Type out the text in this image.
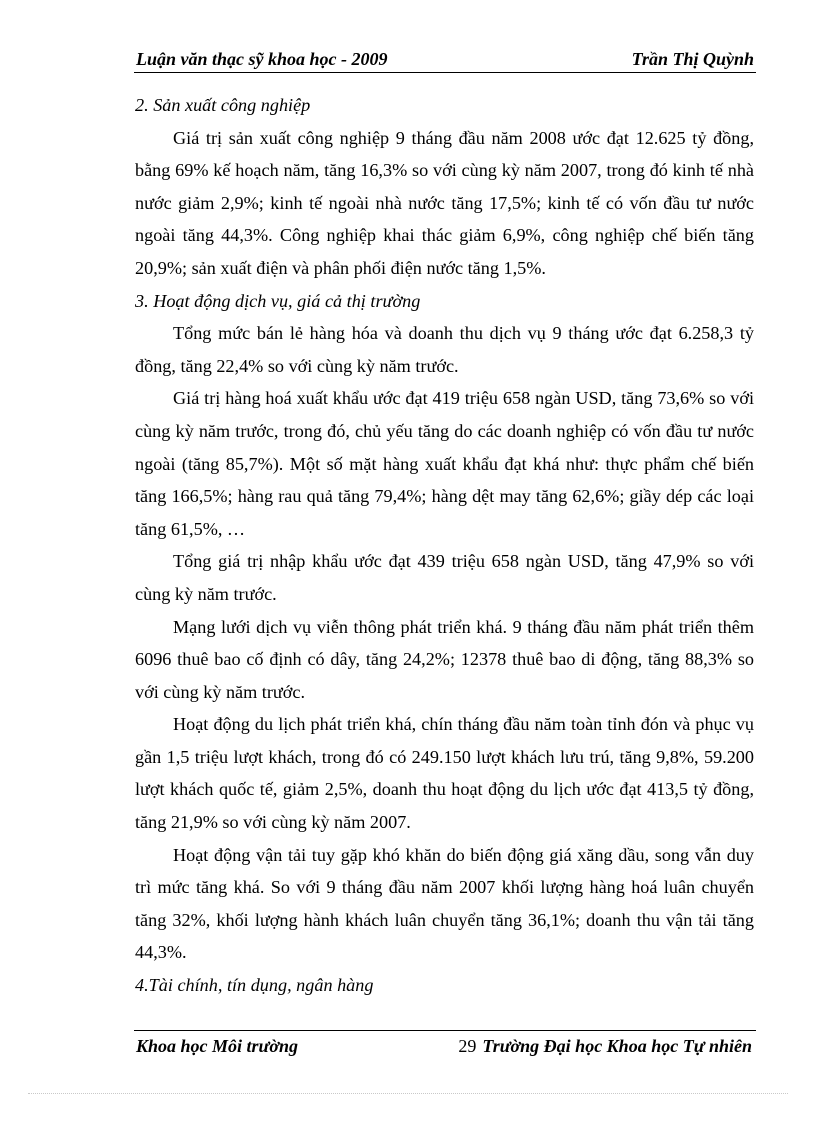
Luận văn thạc sỹ khoa học - 2009	Trần Thị Quỳnh

2. Sản xuất công nghiệp

Giá trị sản xuất công nghiệp 9 tháng đầu năm 2008 ước đạt 12.625 tỷ đồng, bằng 69% kế hoạch năm, tăng 16,3% so với cùng kỳ năm 2007, trong đó kinh tế nhà nước giảm 2,9%; kinh tế ngoài nhà nước tăng 17,5%; kinh tế có vốn đầu tư nước ngoài tăng 44,3%. Công nghiệp khai thác giảm 6,9%, công nghiệp chế biến tăng 20,9%; sản xuất điện và phân phối điện nước tăng 1,5%.

3. Hoạt động dịch vụ, giá cả thị trường

Tổng mức bán lẻ hàng hóa và doanh thu dịch vụ 9 tháng ước đạt 6.258,3 tỷ đồng, tăng 22,4% so với cùng kỳ năm trước.

Giá trị hàng hoá xuất khẩu ước đạt 419 triệu 658 ngàn USD, tăng 73,6% so với cùng kỳ năm trước, trong đó, chủ yếu tăng do các doanh nghiệp có vốn đầu tư nước ngoài (tăng 85,7%). Một số mặt hàng xuất khẩu đạt khá như: thực phẩm chế biến tăng 166,5%; hàng rau quả tăng 79,4%; hàng dệt may tăng 62,6%; giầy dép các loại tăng 61,5%, …

Tổng giá trị nhập khẩu ước đạt 439 triệu 658 ngàn USD, tăng 47,9% so với cùng kỳ năm trước.

Mạng lưới dịch vụ viễn thông phát triển khá. 9 tháng đầu năm phát triển thêm 6096 thuê bao cố định có dây, tăng 24,2%; 12378 thuê bao di động, tăng 88,3% so với cùng kỳ năm trước.

Hoạt động du lịch phát triển khá, chín tháng đầu năm toàn tỉnh đón và phục vụ gần 1,5 triệu lượt khách, trong đó có 249.150 lượt khách lưu trú, tăng 9,8%, 59.200 lượt khách quốc tế, giảm 2,5%, doanh thu hoạt động du lịch ước đạt 413,5 tỷ đồng, tăng 21,9% so với cùng kỳ năm 2007.

Hoạt động vận tải tuy gặp khó khăn do biến động giá xăng dầu, song vẫn duy trì mức tăng khá. So với 9 tháng đầu năm 2007 khối lượng hàng hoá luân chuyển tăng 32%, khối lượng hành khách luân chuyển tăng 36,1%; doanh thu vận tải tăng 44,3%.

4.Tài chính, tín dụng, ngân hàng

Khoa học Môi trường	29 Trường Đại học Khoa học Tự nhiên
